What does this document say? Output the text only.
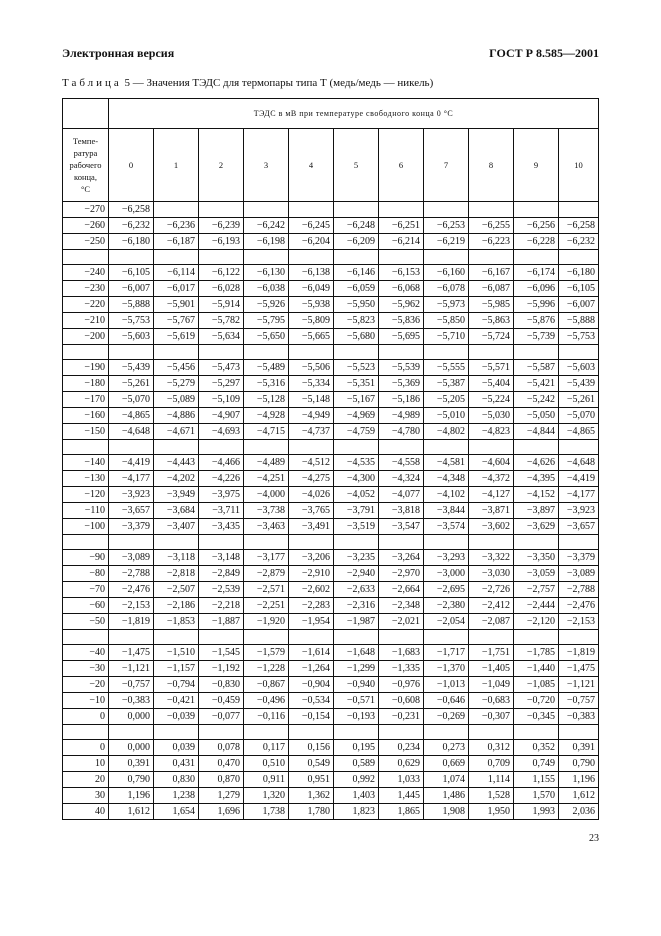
Электронная версия	ГОСТ Р 8.585—2001
Таблица 5 — Значения ТЭДС для термопары типа Т (медь/медь — никель)
	ТЭДС в мВ при температуре свободного конца 0 °С										
Темпе-
ратура
рабочего
конца,
°С	0	1	2	3	4	5	6	7	8	9	10
−270	−6,258										
−260	−6,232	−6,236	−6,239	−6,242	−6,245	−6,248	−6,251	−6,253	−6,255	−6,256	−6,258
−250	−6,180	−6,187	−6,193	−6,198	−6,204	−6,209	−6,214	−6,219	−6,223	−6,228	−6,232

−240	−6,105	−6,114	−6,122	−6,130	−6,138	−6,146	−6,153	−6,160	−6,167	−6,174	−6,180
−230	−6,007	−6,017	−6,028	−6,038	−6,049	−6,059	−6,068	−6,078	−6,087	−6,096	−6,105
−220	−5,888	−5,901	−5,914	−5,926	−5,938	−5,950	−5,962	−5,973	−5,985	−5,996	−6,007
−210	−5,753	−5,767	−5,782	−5,795	−5,809	−5,823	−5,836	−5,850	−5,863	−5,876	−5,888
−200	−5,603	−5,619	−5,634	−5,650	−5,665	−5,680	−5,695	−5,710	−5,724	−5,739	−5,753

−190	−5,439	−5,456	−5,473	−5,489	−5,506	−5,523	−5,539	−5,555	−5,571	−5,587	−5,603
−180	−5,261	−5,279	−5,297	−5,316	−5,334	−5,351	−5,369	−5,387	−5,404	−5,421	−5,439
−170	−5,070	−5,089	−5,109	−5,128	−5,148	−5,167	−5,186	−5,205	−5,224	−5,242	−5,261
−160	−4,865	−4,886	−4,907	−4,928	−4,949	−4,969	−4,989	−5,010	−5,030	−5,050	−5,070
−150	−4,648	−4,671	−4,693	−4,715	−4,737	−4,759	−4,780	−4,802	−4,823	−4,844	−4,865

−140	−4,419	−4,443	−4,466	−4,489	−4,512	−4,535	−4,558	−4,581	−4,604	−4,626	−4,648
−130	−4,177	−4,202	−4,226	−4,251	−4,275	−4,300	−4,324	−4,348	−4,372	−4,395	−4,419
−120	−3,923	−3,949	−3,975	−4,000	−4,026	−4,052	−4,077	−4,102	−4,127	−4,152	−4,177
−110	−3,657	−3,684	−3,711	−3,738	−3,765	−3,791	−3,818	−3,844	−3,871	−3,897	−3,923
−100	−3,379	−3,407	−3,435	−3,463	−3,491	−3,519	−3,547	−3,574	−3,602	−3,629	−3,657

−90	−3,089	−3,118	−3,148	−3,177	−3,206	−3,235	−3,264	−3,293	−3,322	−3,350	−3,379
−80	−2,788	−2,818	−2,849	−2,879	−2,910	−2,940	−2,970	−3,000	−3,030	−3,059	−3,089
−70	−2,476	−2,507	−2,539	−2,571	−2,602	−2,633	−2,664	−2,695	−2,726	−2,757	−2,788
−60	−2,153	−2,186	−2,218	−2,251	−2,283	−2,316	−2,348	−2,380	−2,412	−2,444	−2,476
−50	−1,819	−1,853	−1,887	−1,920	−1,954	−1,987	−2,021	−2,054	−2,087	−2,120	−2,153

−40	−1,475	−1,510	−1,545	−1,579	−1,614	−1,648	−1,683	−1,717	−1,751	−1,785	−1,819
−30	−1,121	−1,157	−1,192	−1,228	−1,264	−1,299	−1,335	−1,370	−1,405	−1,440	−1,475
−20	−0,757	−0,794	−0,830	−0,867	−0,904	−0,940	−0,976	−1,013	−1,049	−1,085	−1,121
−10	−0,383	−0,421	−0,459	−0,496	−0,534	−0,571	−0,608	−0,646	−0,683	−0,720	−0,757
0	0,000	−0,039	−0,077	−0,116	−0,154	−0,193	−0,231	−0,269	−0,307	−0,345	−0,383

0	0,000	0,039	0,078	0,117	0,156	0,195	0,234	0,273	0,312	0,352	0,391
10	0,391	0,431	0,470	0,510	0,549	0,589	0,629	0,669	0,709	0,749	0,790
20	0,790	0,830	0,870	0,911	0,951	0,992	1,033	1,074	1,114	1,155	1,196
30	1,196	1,238	1,279	1,320	1,362	1,403	1,445	1,486	1,528	1,570	1,612
40	1,612	1,654	1,696	1,738	1,780	1,823	1,865	1,908	1,950	1,993	2,036
23
